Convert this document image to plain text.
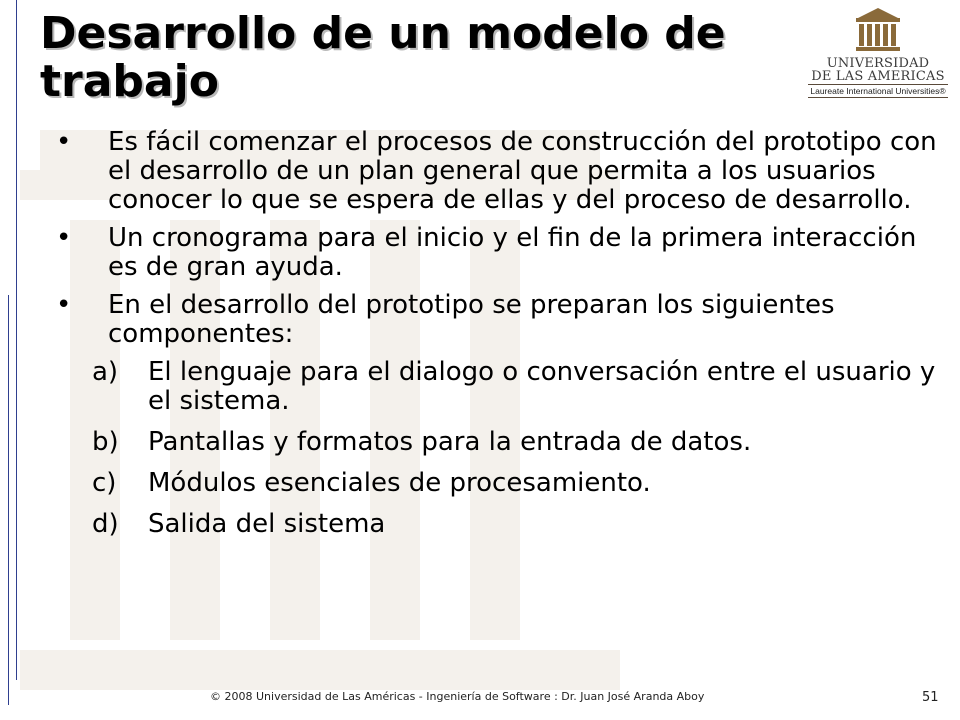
Desarrollo de un modelo de trabajo	UNIVERSIDAD
DE LAS AMERICAS
Laureate International Universities®
• Es fácil comenzar el procesos de construcción del prototipo con el desarrollo de un plan general que permita a los usuarios conocer lo que se espera de ellas y del proceso de desarrollo.
• Un cronograma para el inicio y el fin de la primera interacción es de gran ayuda.
• En el desarrollo del prototipo se preparan los siguientes componentes:
a) El lenguaje para el dialogo o conversación entre el usuario y el sistema.
b) Pantallas y formatos para la entrada de datos.
c) Módulos esenciales de procesamiento.
d) Salida del sistema
© 2008 Universidad de Las Américas - Ingeniería de Software : Dr. Juan José Aranda Aboy	51
